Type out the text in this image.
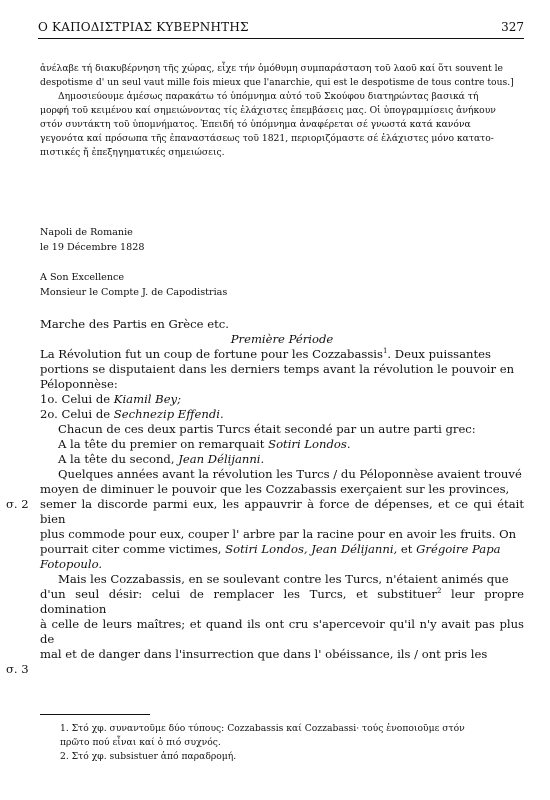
Ο ΚΑΠΟΔΙΣΤΡΙΑΣ ΚΥΒΕΡΝΗΤΗΣ	327

ἀνέλαβε τή διακυβέρνηση τῆς χώρας, εἶχε τήν ὁμόθυμη συμπαράσταση τοῦ λαοῦ καί ὅτι souvent le

despotisme d' un seul vaut mille fois mieux que l'anarchie, qui est le despotisme de tous contre tous.]

Δημοσιεύουμε ἀμέσως παρακάτω τό ὑπόμνημα αὐτό τοῦ Σκούφου διατηρώντας βασικά τή

μορφή τοῦ κειμένου καί σημειώνοντας τίς ἐλάχιστες ἐπεμβάσεις μας. Οἱ ὑπογραμμίσεις ἀνήκουν

στόν συντάκτη τοῦ ὑπομνήματος. Ἐπειδή τό ὑπόμνημα ἀναφέρεται σέ γνωστά κατά κανόνα

γεγονότα καί πρόσωπα τῆς ἐπαναστάσεως τοῦ 1821, περιοριζόμαστε σέ ἐλάχιστες μόνο κατατο-

πιστικές ἤ ἐπεξηγηματικές σημειώσεις.

Napoli de Romanie
le 19 Décembre 1828
A Son Excellence
Monsieur le Compte J. de Capodistrias

Marche des Partis en Grèce etc.

Première Période

La Révolution fut un coup de fortune pour les Cozzabassis$^1$. Deux puissantes

portions se disputaient dans les derniers temps avant la révolution le pouvoir en

Péloponnèse:

1o. Celui de Kiamil Bey;

2o. Celui de Sechnezip Effendi.

Chacun de ces deux partis Turcs était secondé par un autre parti grec:

A la tête du premier on remarquait Sotiri Londos.

A la tête du second, Jean Délijanni.

Quelques années avant la révolution les Turcs / du Péloponnèse avaient trouvé

moyen de diminuer le pouvoir que les Cozzabassis exerçaient sur les provinces,

semer la discorde parmi eux, les appauvrir à force de dépenses, et ce qui était bien

plus commode pour eux, couper l' arbre par la racine pour en avoir les fruits. On

pourrait citer comme victimes, Sotiri Londos, Jean Délijanni, et Grégoire Papa

Fotopoulo.

Mais les Cozzabassis, en se soulevant contre les Turcs, n'étaient animés que

d'un seul désir: celui de remplacer les Turcs, et substituer$^2$ leur propre domination

à celle de leurs maîtres; et quand ils ont cru s'apercevoir qu'il n'y avait pas plus de

mal et de danger dans l'insurrection que dans l' obéissance, ils / ont pris les

σ. 2
σ. 3

1. Στό χφ. συναντοῦμε δύο τύπους: Cozzabassis καί Cozzabassi· τούς ἑνοποιοῦμε στόν

πρῶτο πού εἶναι καί ὁ πιό συχνός.

2. Στό χφ. subsistuer ἀπό παραδρομή.
